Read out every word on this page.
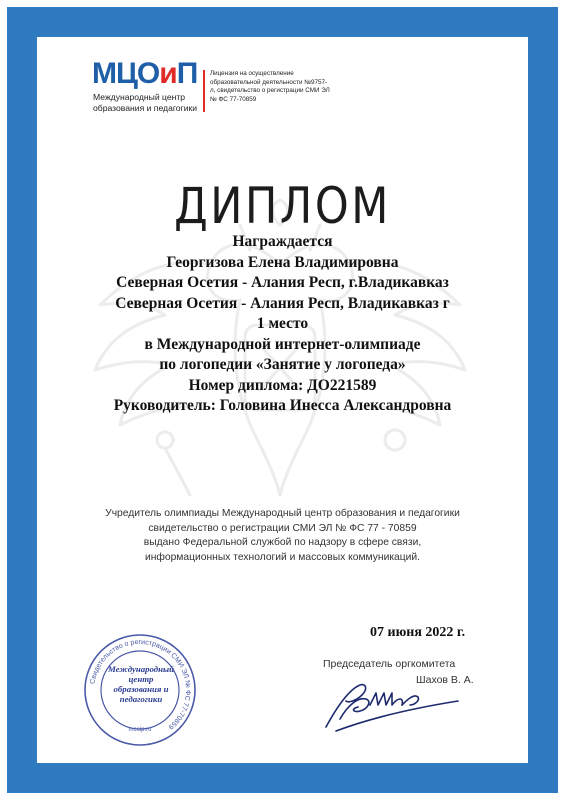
МЦОиП
Международный центр
образования и педагогики
Лицензия на осуществление образовательной деятельности №9757-л, свидетельство о регистрации СМИ ЭЛ № ФС 77-70859
ДИПЛОМ
Награждается
Георгизова Елена Владимировна
Северная Осетия - Алания Респ, г.Владикавказ
Северная Осетия - Алания Респ, Владикавказ г
1 место
в Международной интернет-олимпиаде
по логопедии «Занятие у логопеда»
Номер диплома: ДО221589
Руководитель: Головина Инесса Александровна
Учредитель олимпиады Международный центр образования и педагогики
свидетельство о регистрации СМИ ЭЛ № ФС 77 - 70859
выдано Федеральной службой по надзору в сфере связи,
информационных технологий и массовых коммуникаций.
07 июня 2022 г.
Председатель оргкомитета
Шахов В. А.
Свидетельство о регистрации СМИ ЭЛ № ФС 77-70859
Международный
центр
образования и
педагогики
mcoip.ru
